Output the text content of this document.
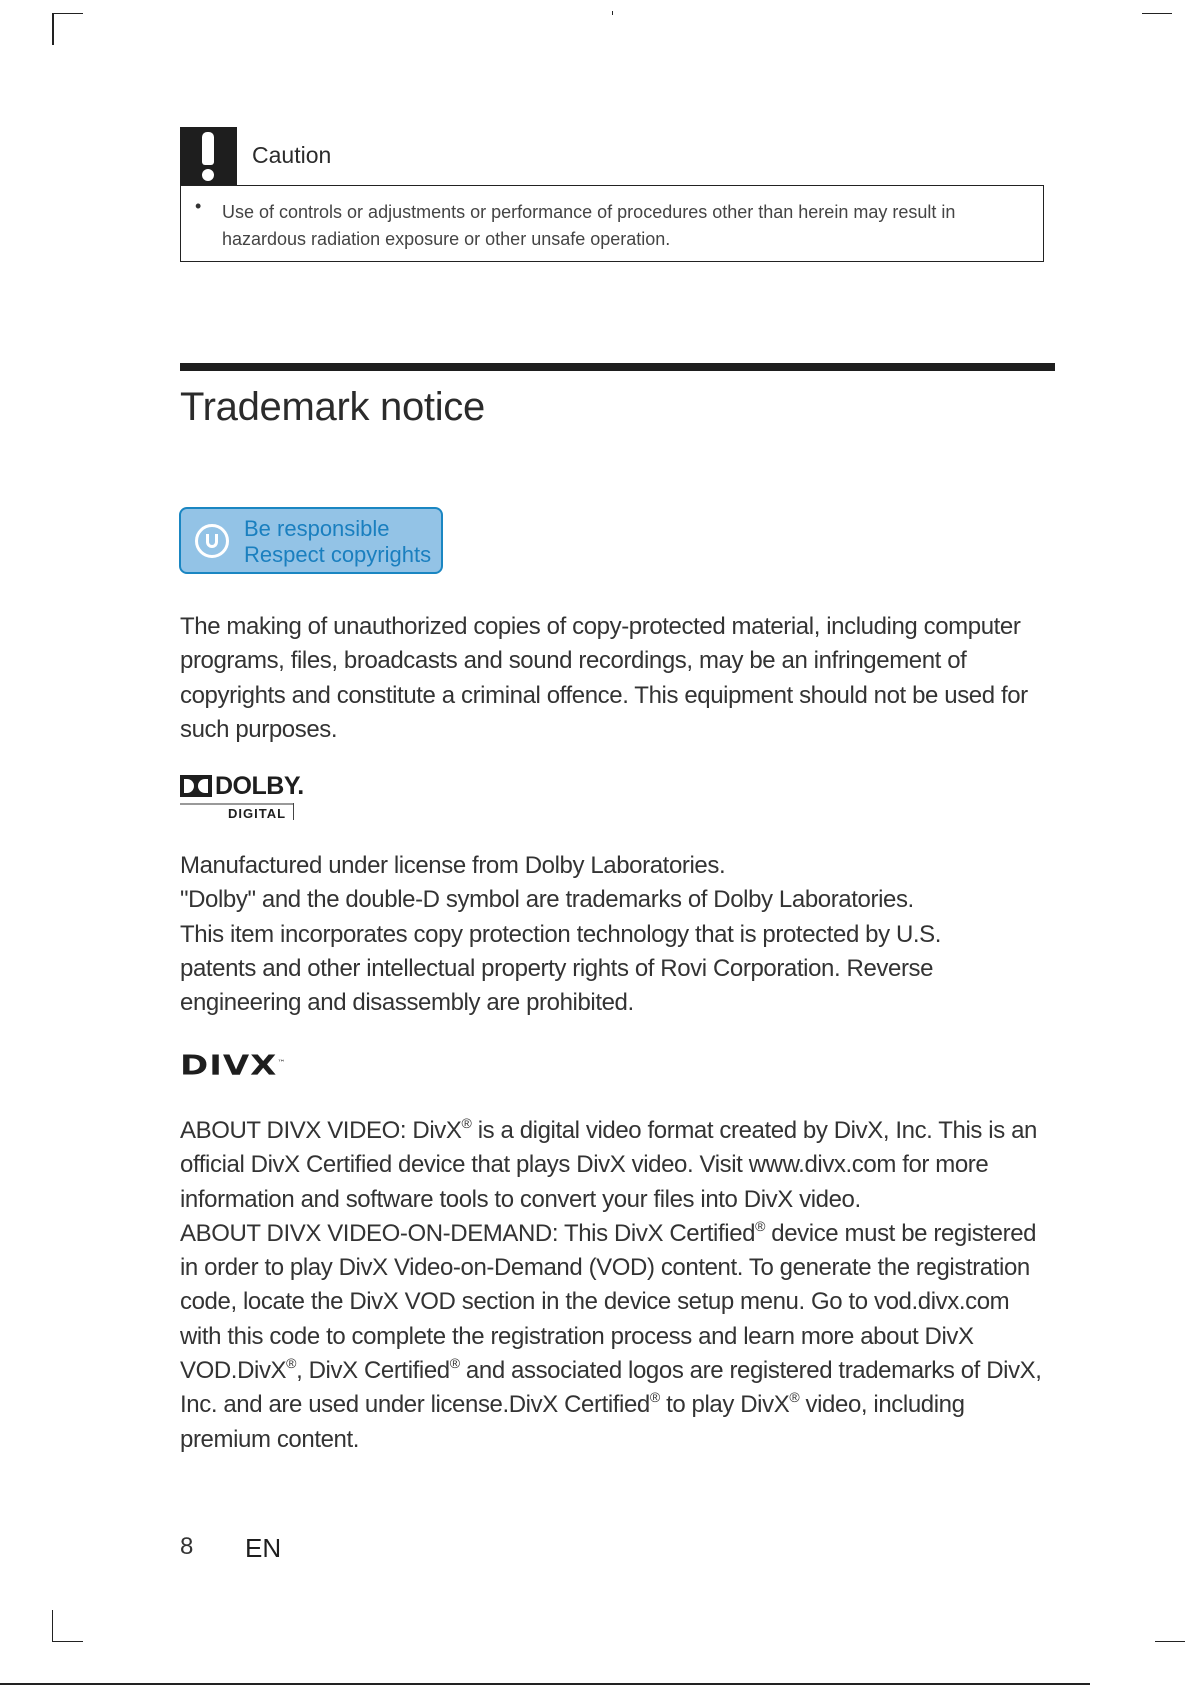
Caution
• Use of controls or adjustments or performance of procedures other than herein may result in hazardous radiation exposure or other unsafe operation.
Trademark notice
Be responsible
Respect copyrights
The making of unauthorized copies of copy-protected material, including computer programs, files, broadcasts and sound recordings, may be an infringement of copyrights and constitute a criminal offence. This equipment should not be used for such purposes.
DOLBY.
DIGITAL
Manufactured under license from Dolby Laboratories.
"Dolby" and the double-D symbol are trademarks of Dolby Laboratories.
This item incorporates copy protection technology that is protected by U.S. patents and other intellectual property rights of Rovi Corporation. Reverse engineering and disassembly are prohibited.
DIVX™
ABOUT DIVX VIDEO: DivX® is a digital video format created by DivX, Inc. This is an official DivX Certified device that plays DivX video. Visit www.divx.com for more information and software tools to convert your files into DivX video.
ABOUT DIVX VIDEO-ON-DEMAND: This DivX Certified® device must be registered in order to play DivX Video-on-Demand (VOD) content. To generate the registration code, locate the DivX VOD section in the device setup menu. Go to vod.divx.com with this code to complete the registration process and learn more about DivX VOD.DivX®, DivX Certified® and associated logos are registered trademarks of DivX, Inc. and are used under license.DivX Certified® to play DivX® video, including premium content.
8 EN
